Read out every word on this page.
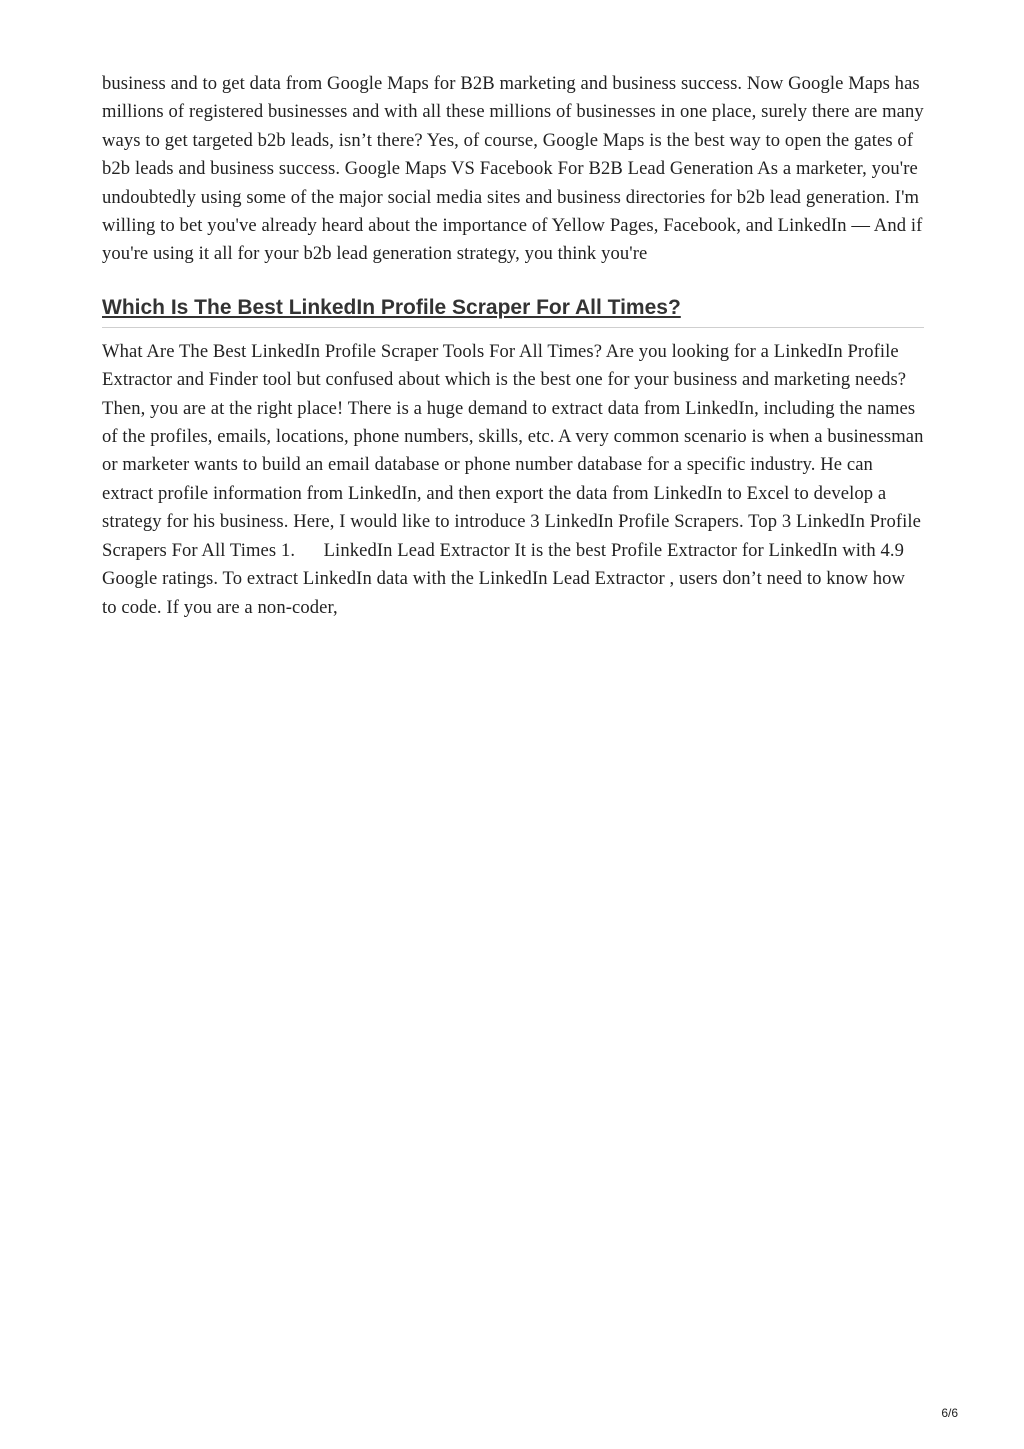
business and to get data from Google Maps for B2B marketing and business success. Now Google Maps has millions of registered businesses and with all these millions of businesses in one place, surely there are many ways to get targeted b2b leads, isn’t there? Yes, of course, Google Maps is the best way to open the gates of b2b leads and business success. Google Maps VS Facebook For B2B Lead Generation As a marketer, you're undoubtedly using some of the major social media sites and business directories for b2b lead generation. I'm willing to bet you've already heard about the importance of Yellow Pages, Facebook, and LinkedIn — And if you're using it all for your b2b lead generation strategy, you think you're

Which Is The Best LinkedIn Profile Scraper For All Times?

What Are The Best LinkedIn Profile Scraper Tools For All Times? Are you looking for a LinkedIn Profile Extractor and Finder tool but confused about which is the best one for your business and marketing needs? Then, you are at the right place! There is a huge demand to extract data from LinkedIn, including the names of the profiles, emails, locations, phone numbers, skills, etc. A very common scenario is when a businessman or marketer wants to build an email database or phone number database for a specific industry. He can extract profile information from LinkedIn, and then export the data from LinkedIn to Excel to develop a strategy for his business. Here, I would like to introduce 3 LinkedIn Profile Scrapers. Top 3 LinkedIn Profile Scrapers For All Times 1.      LinkedIn Lead Extractor It is the best Profile Extractor for LinkedIn with 4.9 Google ratings. To extract LinkedIn data with the LinkedIn Lead Extractor , users don’t need to know how to code. If you are a non-coder,

6/6
